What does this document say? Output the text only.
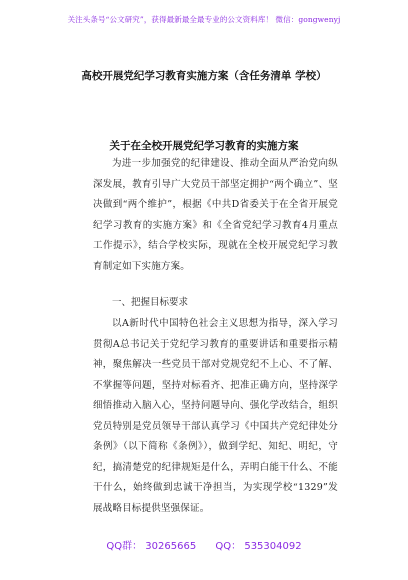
关注头条号“公文研究”，获得最新最全最专业的公文资料库！ 微信：gongwenyj
高校开展党纪学习教育实施方案（含任务清单 学校）
关于在全校开展党纪学习教育的实施方案
为进一步加强党的纪律建设、推动全面从严治党向纵深发展，教育引导广大党员干部坚定拥护“两个确立”、坚决做到“两个维护”，根据《中共D省委关于在全省开展党纪学习教育的实施方案》和《全省党纪学习教育4月重点工作提示》，结合学校实际，现就在全校开展党纪学习教育制定如下实施方案。
一、把握目标要求
以A新时代中国特色社会主义思想为指导，深入学习贯彻A总书记关于党纪学习教育的重要讲话和重要指示精神，聚焦解决一些党员干部对党规党纪不上心、不了解、不掌握等问题，坚持对标看齐、把准正确方向，坚持深学细悟推动入脑入心，坚持问题导向、强化学改结合，组织党员特别是党员领导干部认真学习《中国共产党纪律处分条例》（以下简称《条例》），做到学纪、知纪、明纪，守纪，搞清楚党的纪律规矩是什么，弄明白能干什么、不能干什么，始终做到忠诚干净担当，为实现学校“1329”发展战略目标提供坚强保证。
QQ群： 30265665 QQ： 535304092
